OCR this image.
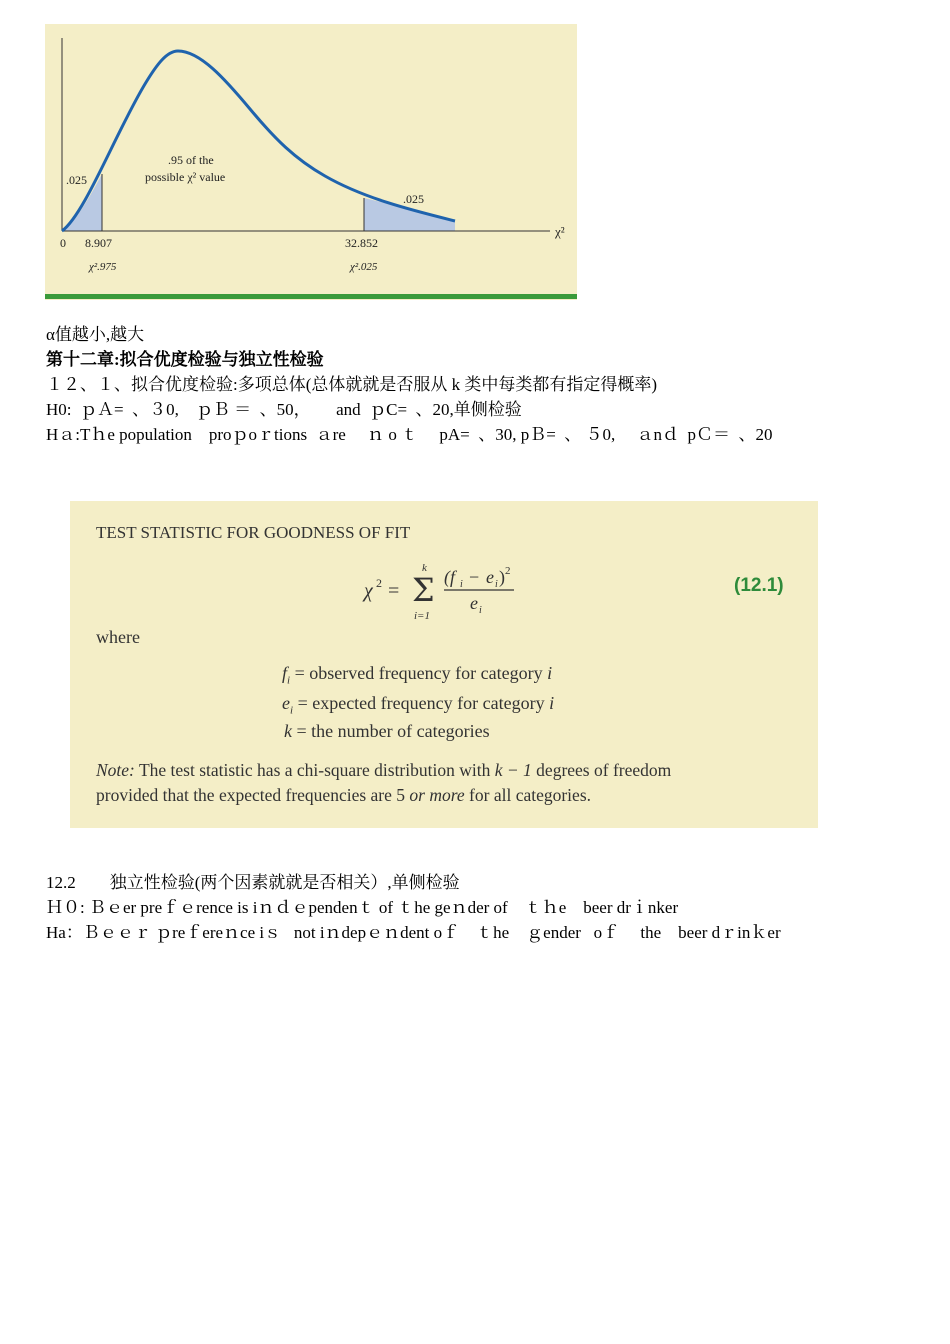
.025
.025
.95 of the
possible χ² value
χ²
0 8.907	32.852
χ².975	χ².025
α值越小,越大
第十二章:拟合优度检验与独立性检验
１２、１、拟合优度检验:多项总体(总体就就是否服从 k 类中每类都有指定得概率)
H0:  ｐＡ=  、３0,    ｐＢ ＝  、50，      and  ｐC=  、20,单侧检验
Hａ:Tｈe population    proｐoｒtions  ａre     ｎ o ｔ     pA=  、30, pＢ=  、 ５0,     ａnｄ  pＣ＝  、20
TEST STATISTIC FOR GOODNESS OF FIT
χ 2 = Σ
k
i=1
(f i − e i ) 2
e i
(12.1)
where
$f_i$ = observed frequency for category i
$e_i$ = expected frequency for category i
k = the number of categories
Note: The test statistic has a chi-square distribution with k − 1 degrees of freedom
provided that the expected frequencies are 5 or more for all categories.
12.2        独立性检验(两个因素就就是否相关）,单侧检验
Ｈ０: Ｂｅer preｆｅrence is iｎｄｅpendenｔ of ｔhe geｎder of    ｔｈe    beer drｉnker
Ha：Ｂｅｅｒ ｐreｆereｎce iｓ   not iｎdepｅｎdent oｆ    ｔhe    ｇender   oｆ     the    beer dｒinｋer
